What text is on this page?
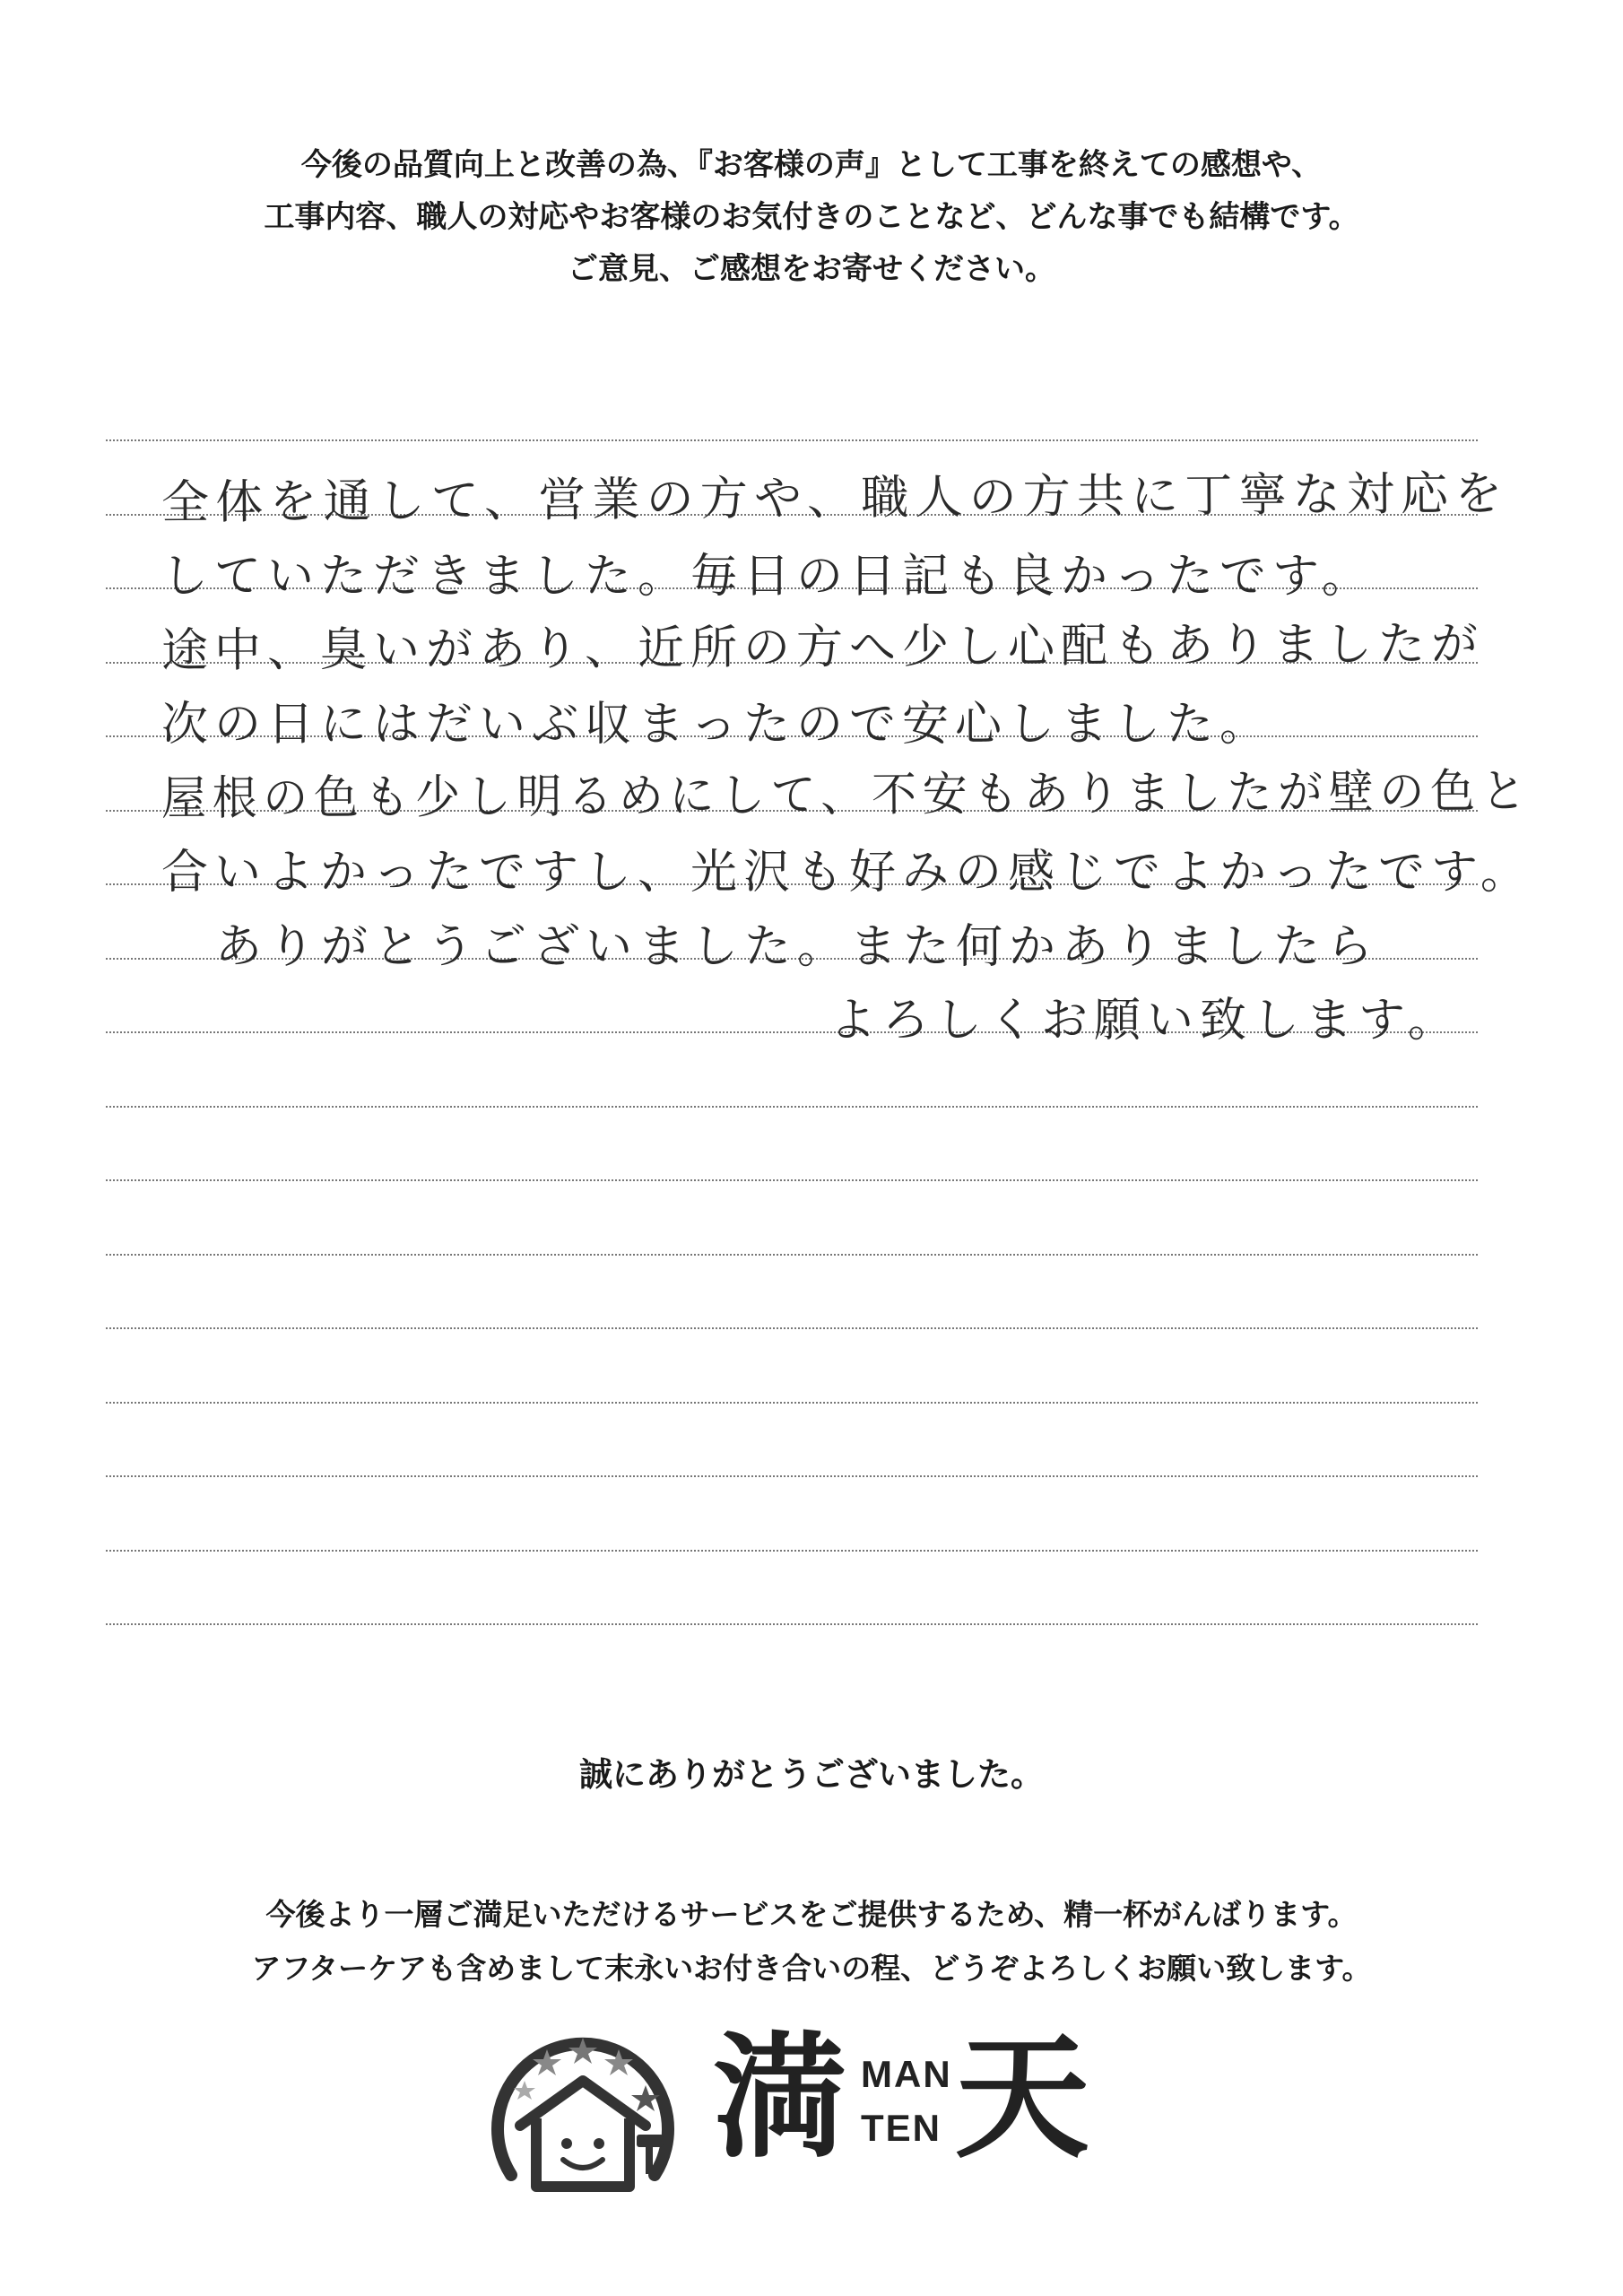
今後の品質向上と改善の為、『お客様の声』として工事を終えての感想や、
工事内容、職人の対応やお客様のお気付きのことなど、どんな事でも結構です。
ご意見、ご感想をお寄せください。
全体を通して、営業の方や、職人の方共に丁寧な対応を
していただきました。毎日の日記も良かったです。
途中、臭いがあり、近所の方へ少し心配もありましたが
次の日にはだいぶ収まったので安心しました。
屋根の色も少し明るめにして、不安もありましたが壁の色と
合いよかったですし、光沢も好みの感じでよかったです。
ありがとうございました。また何かありましたら
よろしくお願い致します。
誠にありがとうございました。
今後より一層ご満足いただけるサービスをご提供するため、精一杯がんばります。
アフターケアも含めまして末永いお付き合いの程、どうぞよろしくお願い致します。
満 MAN
TEN 天
